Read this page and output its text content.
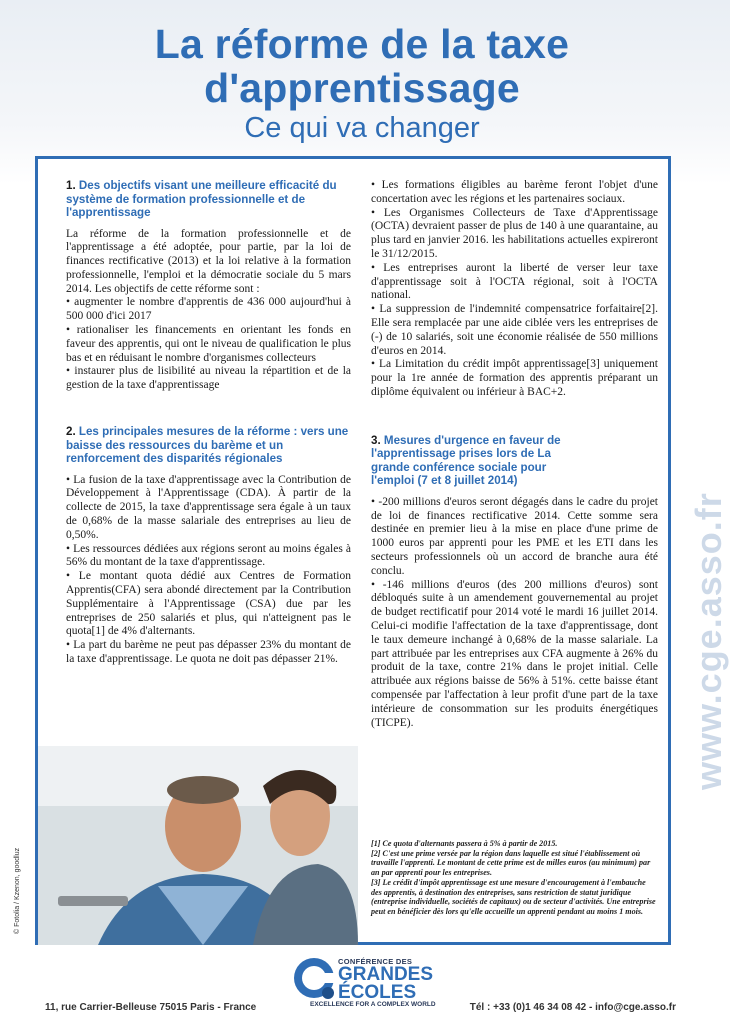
La réforme de la taxe
d'apprentissage
Ce qui va changer
1. Des objectifs visant une meilleure efficacité du système de formation professionnelle et de l'apprentissage

La réforme de la formation professionnelle et de l'apprentissage a été adoptée, pour partie, par la loi de finances rectificative (2013) et la loi relative à la formation professionnelle, l'emploi et la démocratie sociale du 5 mars 2014. Les objectifs de cette réforme sont :

• augmenter le nombre d'apprentis de 436 000 aujourd'hui à 500 000 d'ici 2017

• rationaliser les financements en orientant les fonds en faveur des apprentis, qui ont le niveau de qualification le plus bas et en réduisant le nombre d'organismes collecteurs

• instaurer plus de lisibilité au niveau la répartition et de la gestion de la taxe d'apprentissage

2. Les principales mesures de la réforme : vers une baisse des ressources du barème et un renforcement des disparités régionales

• La fusion de la taxe d'apprentissage avec la Contribution de Développement à l'Apprentissage (CDA). À partir de la collecte de 2015, la taxe d'apprentissage sera égale à un taux de 0,68% de la masse salariale des entreprises au lieu de 0,50%.

• Les ressources dédiées aux régions seront au moins égales à 56% du montant de la taxe d'apprentissage.

• Le montant quota dédié aux Centres de Formation Apprentis(CFA) sera abondé directement par la Contribution Supplémentaire à l'Apprentissage (CSA) due par les entreprises de 250 salariés et plus, qui n'atteignent pas le quota[1] de 4% d'alternants.

• La part du barème ne peut pas dépasser 23% du montant de la taxe d'apprentissage. Le quota ne doit pas dépasser 21%.

• Les formations éligibles au barème feront l'objet d'une concertation avec les régions et les partenaires sociaux.

• Les Organismes Collecteurs de Taxe d'Apprentissage (OCTA) devraient passer de plus de 140 à une quarantaine, au plus tard en janvier 2016. les habilitations actuelles expireront le 31/12/2015.

• Les entreprises auront la liberté de verser leur taxe d'apprentissage soit à l'OCTA régional, soit à l'OCTA national.

• La suppression de l'indemnité compensatrice forfaitaire[2]. Elle sera remplacée par une aide ciblée vers les entreprises de (-) de 10 salariés, soit une économie réalisée de 550 millions d'euros en 2014.

• La Limitation du crédit impôt apprentissage[3] uniquement pour la 1re année de formation des apprentis préparant un diplôme équivalent ou inférieur à BAC+2.

3. Mesures d'urgence en faveur de l'apprentissage prises lors de La grande conférence sociale pour l'emploi (7 et 8 juillet 2014)

• -200 millions d'euros seront dégagés dans le cadre du projet de loi de finances rectificative 2014. Cette somme sera destinée en premier lieu à la mise en place d'une prime de 1000 euros par apprenti pour les PME et les ETI dans les secteurs professionnels où un accord de branche aura été conclu.

• -146 millions d'euros (des 200 millions d'euros) sont débloqués suite à un amendement gouvernemental au projet de budget rectificatif pour 2014 voté le mardi 16 juillet 2014. Celui-ci modifie l'affectation de la taxe d'apprentissage, dont le taux demeure inchangé à 0,68% de la masse salariale. La part attribuée par les entreprises aux CFA augmente à 26% du produit de la taxe, contre 21% dans le projet initial. Celle attribuée aux régions baisse de 56% à 51%. cette baisse étant compensée par l'affectation à leur profit d'une part de la taxe intérieure de consommation sur les produits énergétiques (TICPE).

[1] Ce quota d'alternants passera à 5% à partir de 2015.

[2] C'est une prime versée par la région dans laquelle est situé l'établissement où travaille l'apprenti. Le montant de cette prime est de milles euros (au minimum) par an par apprenti pour les entreprises.

[3] Le crédit d'impôt apprentissage est une mesure d'encouragement à l'embauche des apprentis, à destination des entreprises, sans restriction de statut juridique (entreprise individuelle, sociétés de capitaux) ou de secteur d'activités. Une entreprise peut en bénéficier dès lors qu'elle accueille un apprenti pendant au moins 1 mois.

© Fotolia / Kzenon, goodluz
www.cge.asso.fr
CONFÉRENCE DES
GRANDES
ÉCOLES
EXCELLENCE FOR A COMPLEX WORLD
11, rue Carrier-Belleuse 75015 Paris - France	Tél : +33 (0)1 46 34 08 42 - info@cge.asso.fr
